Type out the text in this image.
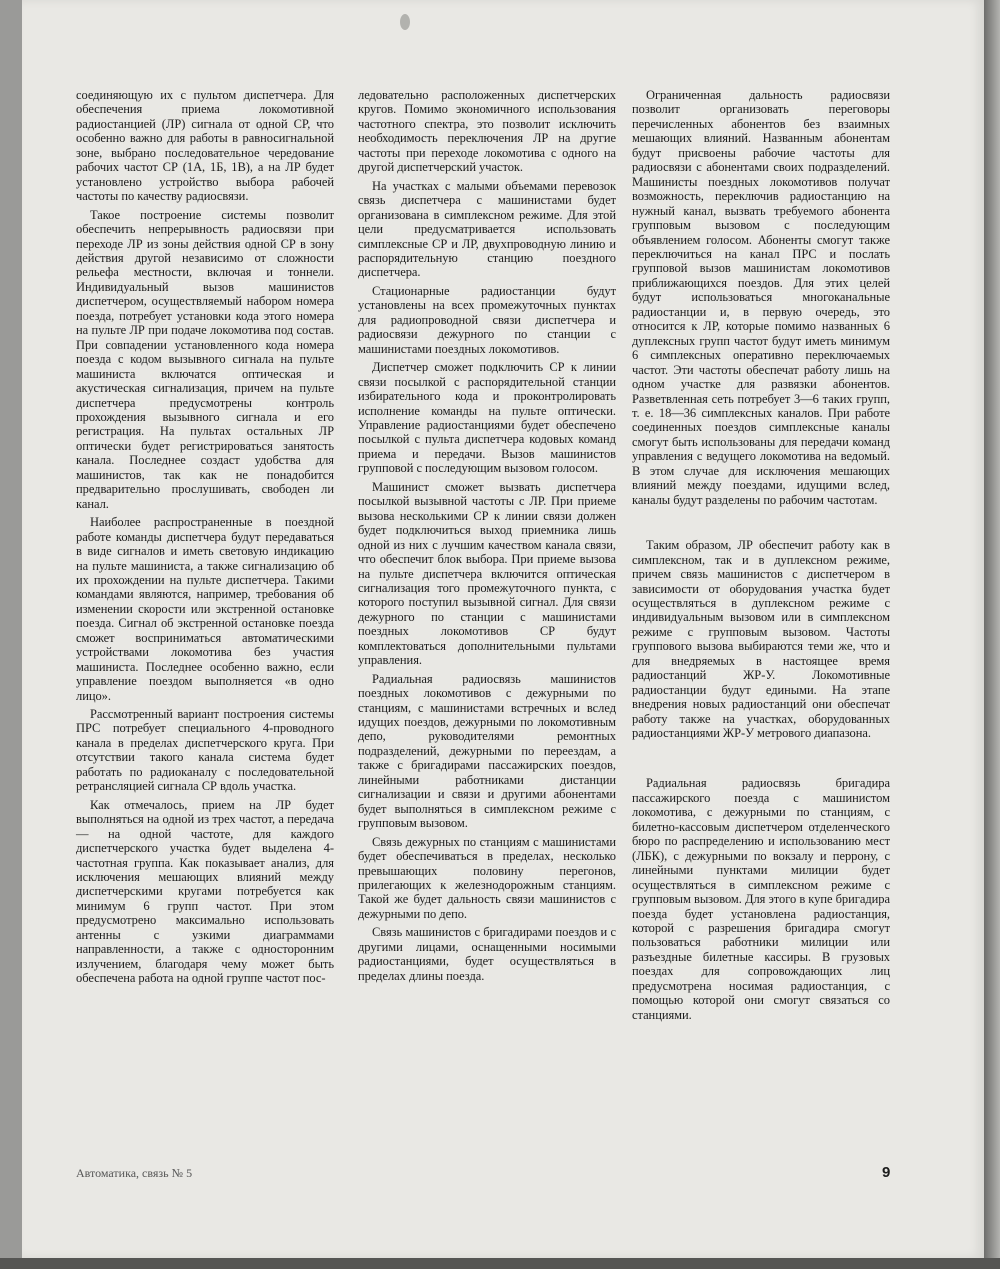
соединяющую их с пультом диспетчера. Для обеспечения приема локомотивной радиостанцией (ЛР) сигнала от одной СР, что особенно важно для работы в равносигнальной зоне, выбрано последовательное чередование рабочих частот СР (1А, 1Б, 1В), а на ЛР будет установлено устройство выбора рабочей частоты по качеству радиосвязи.

Такое построение системы позволит обеспечить непрерывность радиосвязи при переходе ЛР из зоны действия одной СР в зону действия другой независимо от сложности рельефа местности, включая и тоннели. Индивидуальный вызов машинистов диспетчером, осуществляемый набором номера поезда, потребует установки кода этого номера на пульте ЛР при подаче локомотива под состав. При совпадении установленного кода номера поезда с кодом вызывного сигнала на пульте машиниста включатся оптическая и акустическая сигнализация, причем на пульте диспетчера предусмотрены контроль прохождения вызывного сигнала и его регистрация. На пультах остальных ЛР оптически будет регистрироваться занятость канала. Последнее создаст удобства для машинистов, так как не понадобится предварительно прослушивать, свободен ли канал.

Наиболее распространенные в поездной работе команды диспетчера будут передаваться в виде сигналов и иметь световую индикацию на пульте машиниста, а также сигнализацию об их прохождении на пульте диспетчера. Такими командами являются, например, требования об изменении скорости или экстренной остановке поезда. Сигнал об экстренной остановке поезда сможет восприниматься автоматическими устройствами локомотива без участия машиниста. Последнее особенно важно, если управление поездом выполняется «в одно лицо».

Рассмотренный вариант построения системы ПРС потребует специального 4-проводного канала в пределах диспетчерского круга. При отсутствии такого канала система будет работать по радиоканалу с последовательной ретрансляцией сигнала СР вдоль участка.

Как отмечалось, прием на ЛР будет выполняться на одной из трех частот, а передача — на одной частоте, для каждого диспетчерского участка будет выделена 4-частотная группа. Как показывает анализ, для исключения мешающих влияний между диспетчерскими кругами потребуется как минимум 6 групп частот. При этом предусмотрено максимально использовать антенны с узкими диаграммами направленности, а также с односторонним излучением, благодаря чему может быть обеспечена работа на одной группе частот пос-

ледовательно расположенных диспетчерских кругов. Помимо экономичного использования частотного спектра, это позволит исключить необходимость переключения ЛР на другие частоты при переходе локомотива с одного на другой диспетчерский участок.

На участках с малыми объемами перевозок связь диспетчера с машинистами будет организована в симплексном режиме. Для этой цели предусматривается использовать симплексные СР и ЛР, двухпроводную линию и распорядительную станцию поездного диспетчера.

Стационарные радиостанции будут установлены на всех промежуточных пунктах для радиопроводной связи диспетчера и радиосвязи дежурного по станции с машинистами поездных локомотивов.

Диспетчер сможет подключить СР к линии связи посылкой с распорядительной станции избирательного кода и проконтролировать исполнение команды на пульте оптически. Управление радиостанциями будет обеспечено посылкой с пульта диспетчера кодовых команд приема и передачи. Вызов машинистов групповой с последующим вызовом голосом.

Машинист сможет вызвать диспетчера посылкой вызывной частоты с ЛР. При приеме вызова несколькими СР к линии связи должен будет подключиться выход приемника лишь одной из них с лучшим качеством канала связи, что обеспечит блок выбора. При приеме вызова на пульте диспетчера включится оптическая сигнализация того промежуточного пункта, с которого поступил вызывной сигнал. Для связи дежурного по станции с машинистами поездных локомотивов СР будут комплектоваться дополнительными пультами управления.

Радиальная радиосвязь машинистов поездных локомотивов с дежурными по станциям, с машинистами встречных и вслед идущих поездов, дежурными по локомотивным депо, руководителями ремонтных подразделений, дежурными по переездам, а также с бригадирами пассажирских поездов, линейными работниками дистанции сигнализации и связи и другими абонентами будет выполняться в симплексном режиме с групповым вызовом.

Связь дежурных по станциям с машинистами будет обеспечиваться в пределах, несколько превышающих половину перегонов, прилегающих к железнодорожным станциям. Такой же будет дальность связи машинистов с дежурными по депо.

Связь машинистов с бригадирами поездов и с другими лицами, оснащенными носимыми радиостанциями, будет осуществляться в пределах длины поезда.

Ограниченная дальность радиосвязи позволит организовать переговоры перечисленных абонентов без взаимных мешающих влияний. Названным абонентам будут присвоены рабочие частоты для радиосвязи с абонентами своих подразделений. Машинисты поездных локомотивов получат возможность, переключив радиостанцию на нужный канал, вызвать требуемого абонента групповым вызовом с последующим объявлением голосом. Абоненты смогут также переключиться на канал ПРС и послать групповой вызов машинистам локомотивов приближающихся поездов. Для этих целей будут использоваться многоканальные радиостанции и, в первую очередь, это относится к ЛР, которые помимо названных 6 дуплексных групп частот будут иметь минимум 6 симплексных оперативно переключаемых частот. Эти частоты обеспечат работу лишь на одном участке для развязки абонентов. Разветвленная сеть потребует 3—6 таких групп, т. е. 18—36 симплексных каналов. При работе соединенных поездов симплексные каналы смогут быть использованы для передачи команд управления с ведущего локомотива на ведомый. В этом случае для исключения мешающих влияний между поездами, идущими вслед, каналы будут разделены по рабочим частотам.

Таким образом, ЛР обеспечит работу как в симплексном, так и в дуплексном режиме, причем связь машинистов с диспетчером в зависимости от оборудования участка будет осуществляться в дуплексном режиме с индивидуальным вызовом или в симплексном режиме с групповым вызовом. Частоты группового вызова выбираются теми же, что и для внедряемых в настоящее время радиостанций ЖР-У. Локомотивные радиостанции будут едиными. На этапе внедрения новых радиостанций они обеспечат работу также на участках, оборудованных радиостанциями ЖР-У метрового диапазона.

Радиальная радиосвязь бригадира пассажирского поезда с машинистом локомотива, с дежурными по станциям, с билетно-кассовым диспетчером отделенческого бюро по распределению и использованию мест (ЛБК), с дежурными по вокзалу и перрону, с линейными пунктами милиции будет осуществляться в симплексном режиме с групповым вызовом. Для этого в купе бригадира поезда будет установлена радиостанция, которой с разрешения бригадира смогут пользоваться работники милиции или разъездные билетные кассиры. В грузовых поездах для сопровождающих лиц предусмотрена носимая радиостанция, с помощью которой они смогут связаться со станциями.

Автоматика, связь № 5	9
